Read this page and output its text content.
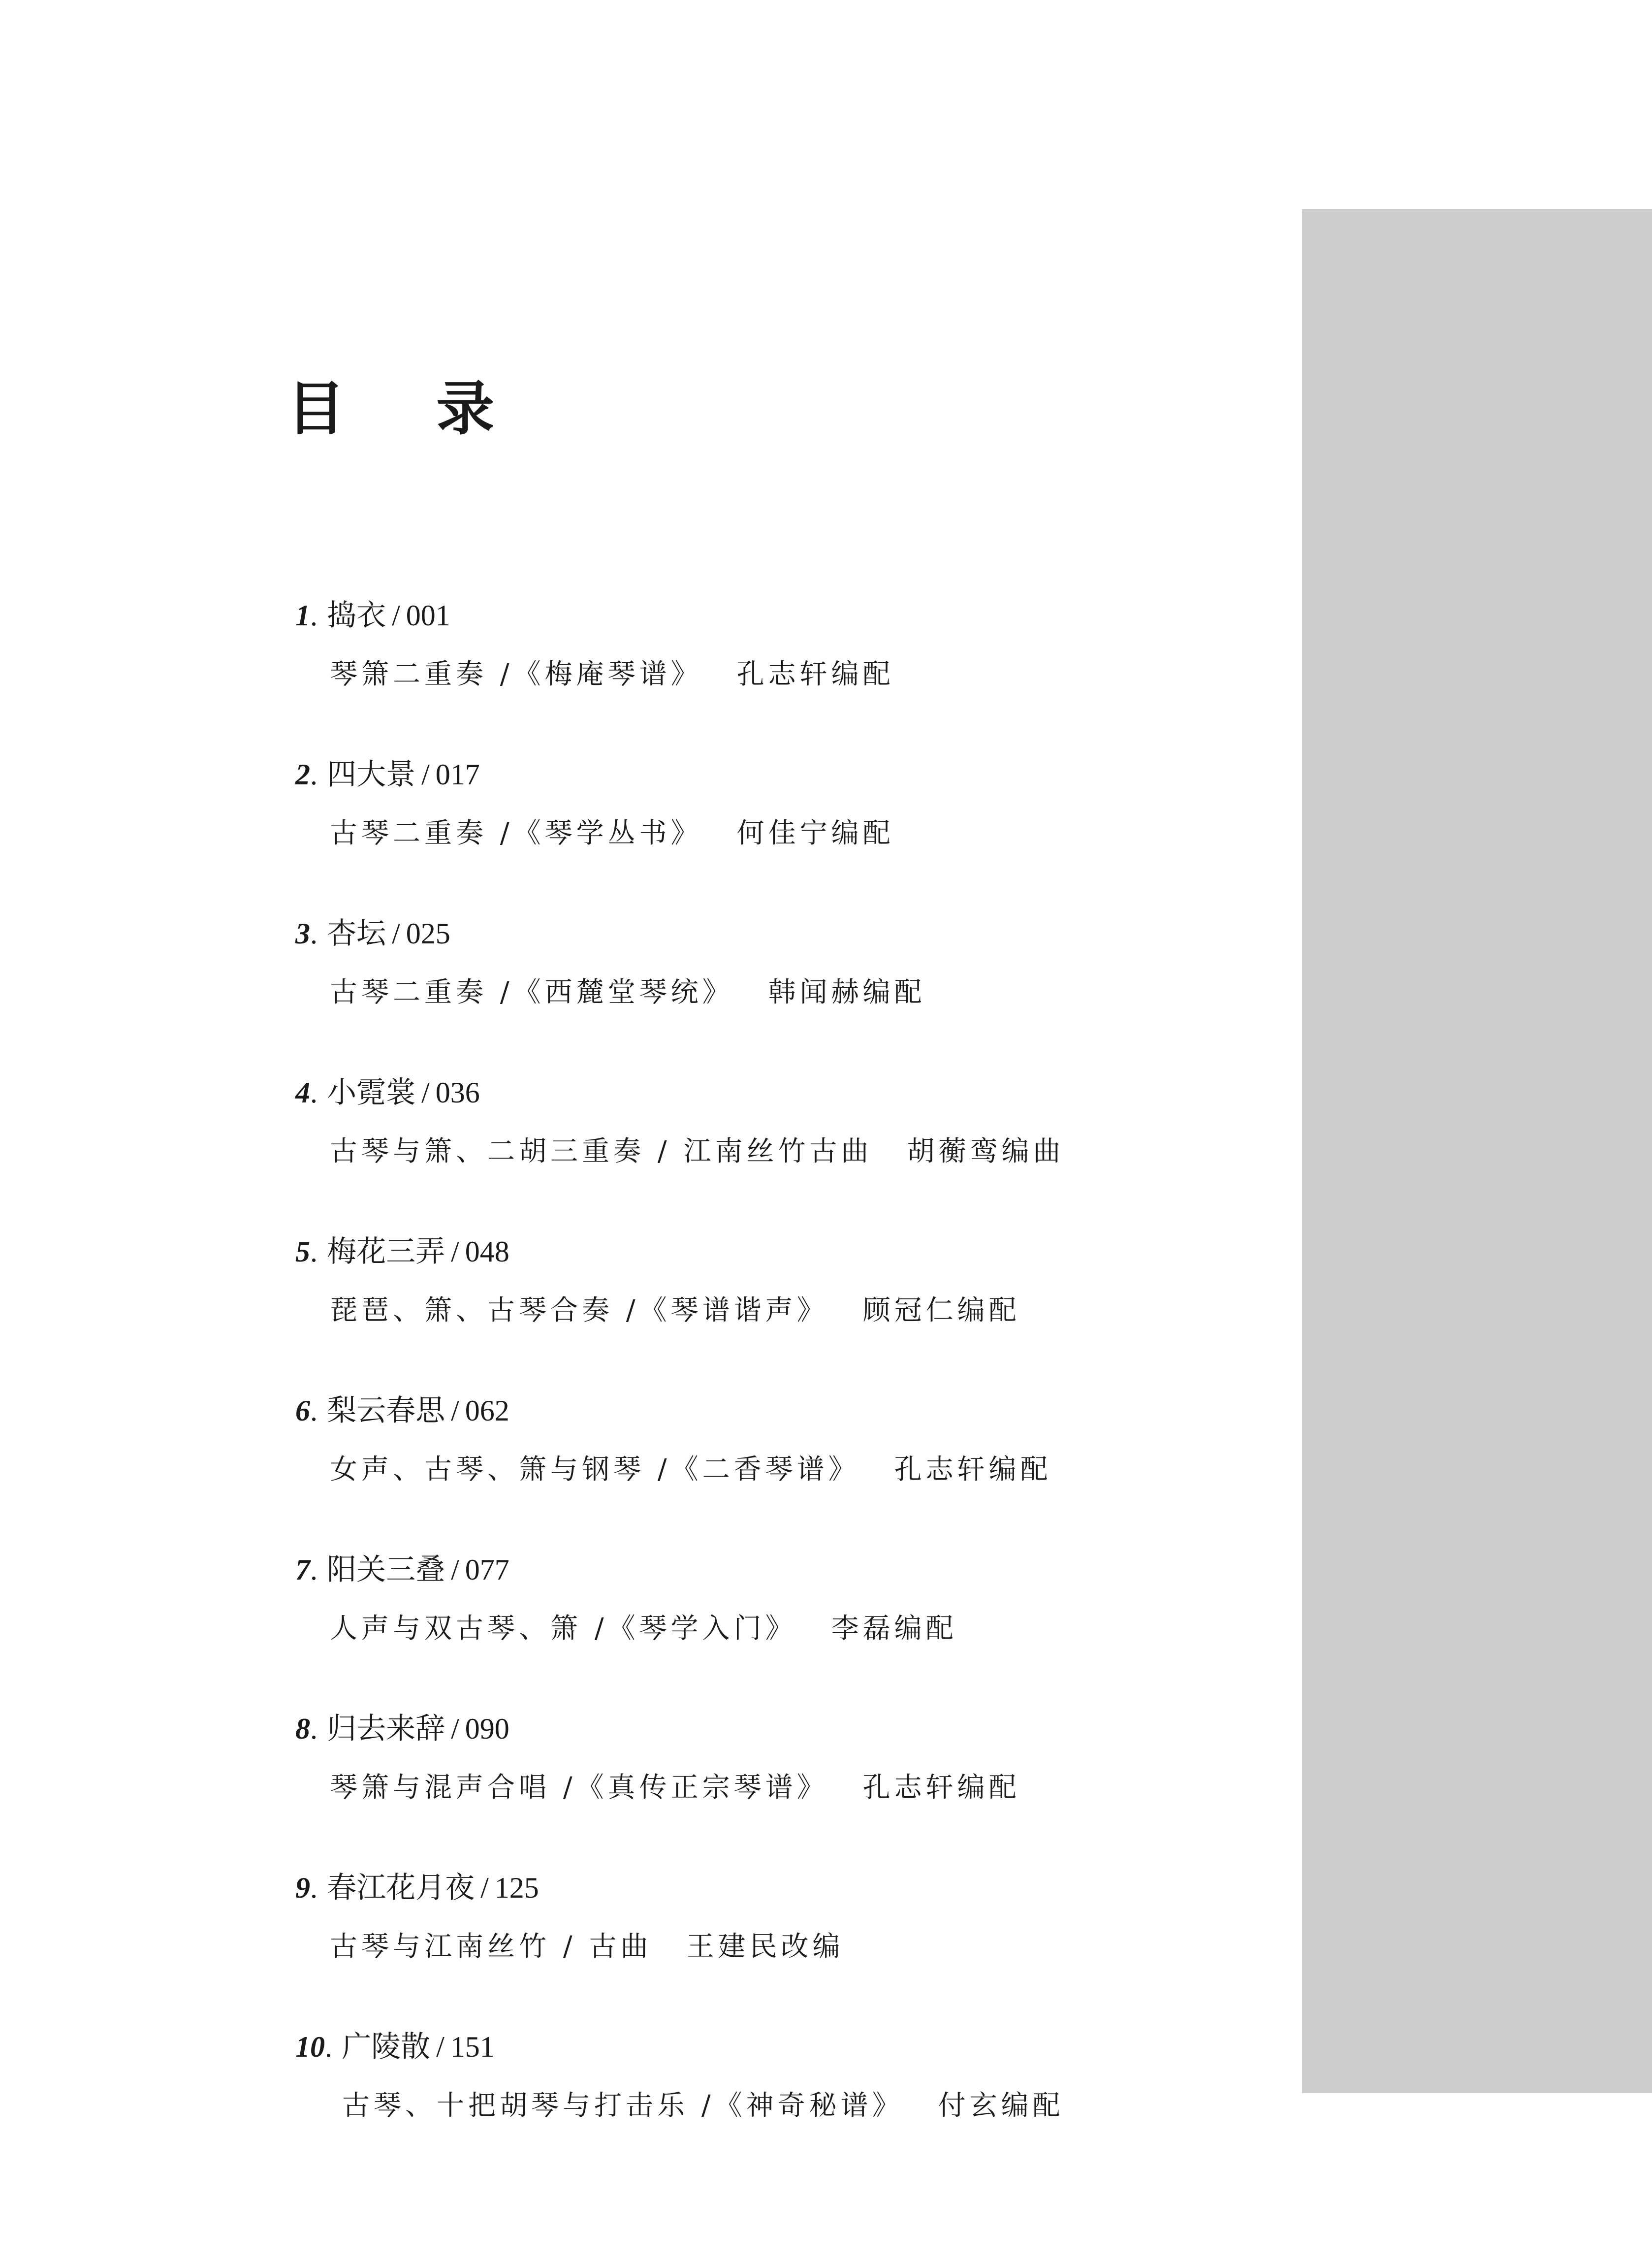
目 录
1. 捣衣 / 001
琴箫二重奏 /《梅庵琴谱》 孔志轩编配
2. 四大景 / 017
古琴二重奏 /《琴学丛书》 何佳宁编配
3. 杏坛 / 025
古琴二重奏 /《西麓堂琴统》 韩闻赫编配
4. 小霓裳 / 036
古琴与箫、二胡三重奏 / 江南丝竹古曲 胡蘅鸾编曲
5. 梅花三弄 / 048
琵琶、箫、古琴合奏 /《琴谱谐声》 顾冠仁编配
6. 梨云春思 / 062
女声、古琴、箫与钢琴 /《二香琴谱》 孔志轩编配
7. 阳关三叠 / 077
人声与双古琴、箫 /《琴学入门》 李磊编配
8. 归去来辞 / 090
琴箫与混声合唱 /《真传正宗琴谱》 孔志轩编配
9. 春江花月夜 / 125
古琴与江南丝竹 / 古曲 王建民改编
10. 广陵散 / 151
古琴、十把胡琴与打击乐 /《神奇秘谱》 付玄编配
